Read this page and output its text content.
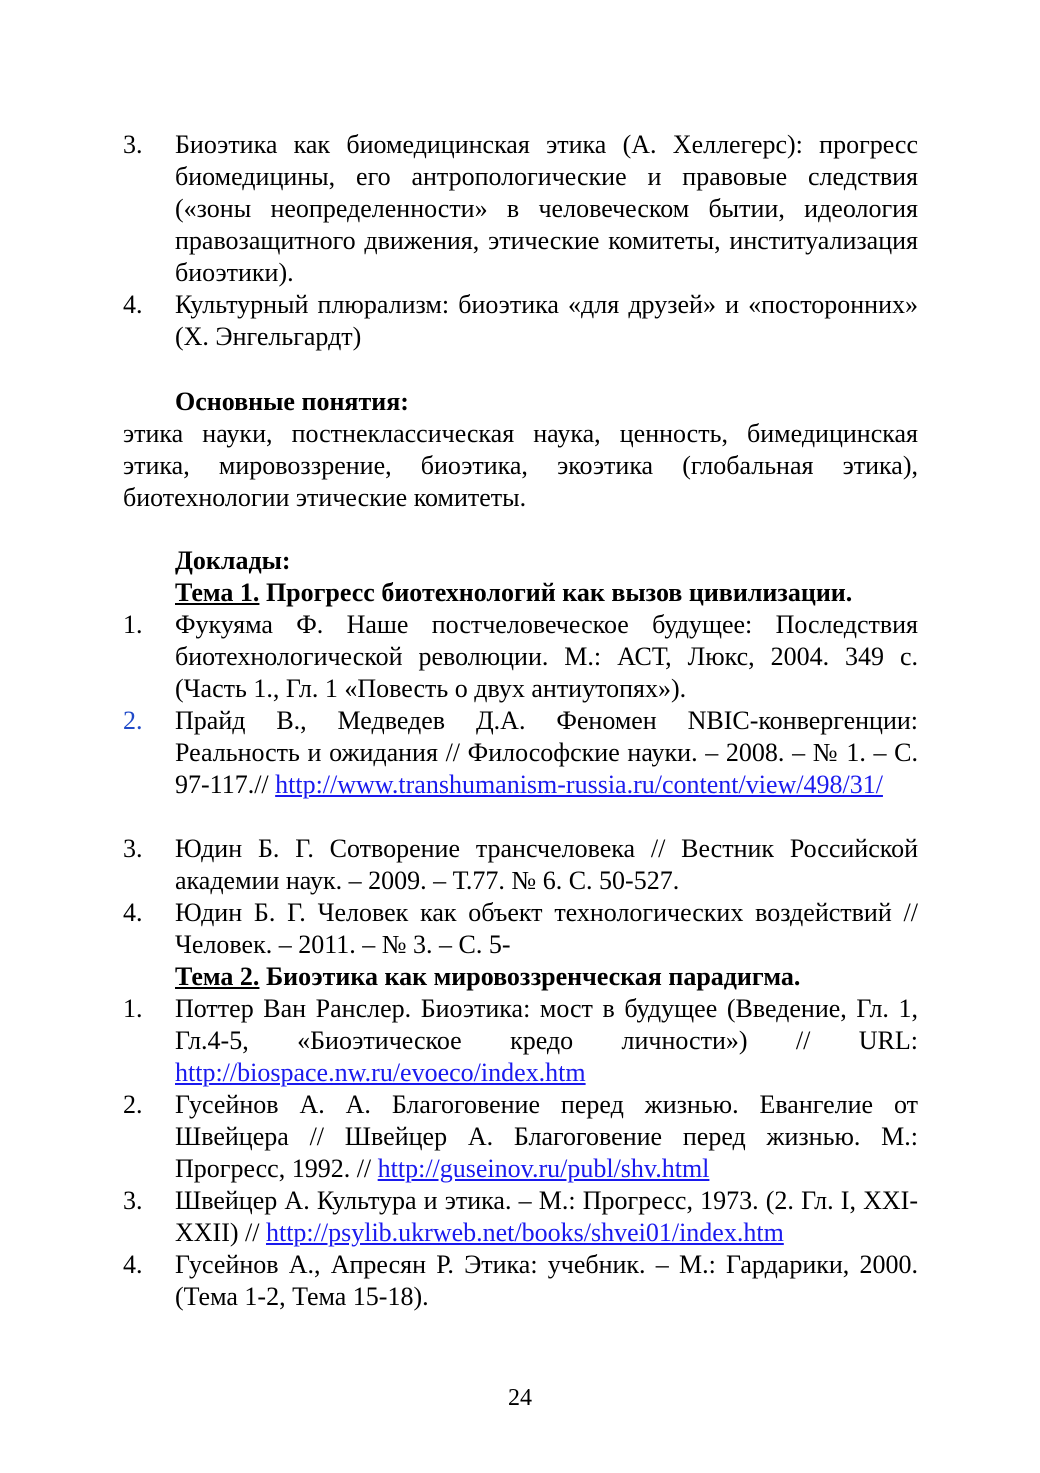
3.	Биоэтика как биомедицинская этика (А. Хеллегерс): прогресс биомедицины, его антропологические и правовые следствия («зоны неопределенности» в человеческом бытии, идеология правозащитного движения, этические комитеты, институализация биоэтики).
4.	Культурный плюрализм: биоэтика «для друзей» и «посторонних» (Х. Энгельгардт)
Основные понятия:
этика науки, постнеклассическая наука, ценность, бимедицинская этика, мировоззрение, биоэтика, экоэтика (глобальная этика), биотехнологии этические комитеты.
Доклады:
Тема 1. Прогресс биотехнологий как вызов цивилизации.
1.	Фукуяма Ф. Наше постчеловеческое будущее: Последствия биотехнологической революции. М.: АСТ, Люкс, 2004. 349 с. (Часть 1., Гл. 1 «Повесть о двух антиутопях»).
2.	Прайд В., Медведев Д.А. Феномен NBIC-конвергенции: Реальность и ожидания // Философские науки. – 2008. – № 1. – С. 97-117.// http://www.transhumanism-russia.ru/content/view/498/31/
3.	Юдин Б. Г. Сотворение трансчеловека // Вестник Российской академии наук. – 2009. – Т.77. № 6. С. 50-527.
4.	Юдин Б. Г. Человек как объект технологических воздействий // Человек. – 2011. – № 3. – С. 5-
Тема 2. Биоэтика как мировоззренческая парадигма.
1.	Поттер Ван Ранслер. Биоэтика: мост в будущее (Введение, Гл. 1, Гл.4-5, «Биоэтическое кредо личности») // URL: http://biospace.nw.ru/evoeco/index.htm
2.	Гусейнов А. А. Благоговение перед жизнью. Евангелие от Швейцера // Швейцер А. Благоговение перед жизнью. М.: Прогресс, 1992. // http://guseinov.ru/publ/shv.html
3.	Швейцер А. Культура и этика. – М.: Прогресс, 1973. (2. Гл. I, XXI-XXII) // http://psylib.ukrweb.net/books/shvei01/index.htm
4.	Гусейнов А., Апресян Р. Этика: учебник. – М.: Гардарики, 2000. (Тема 1-2, Тема 15-18).
24
